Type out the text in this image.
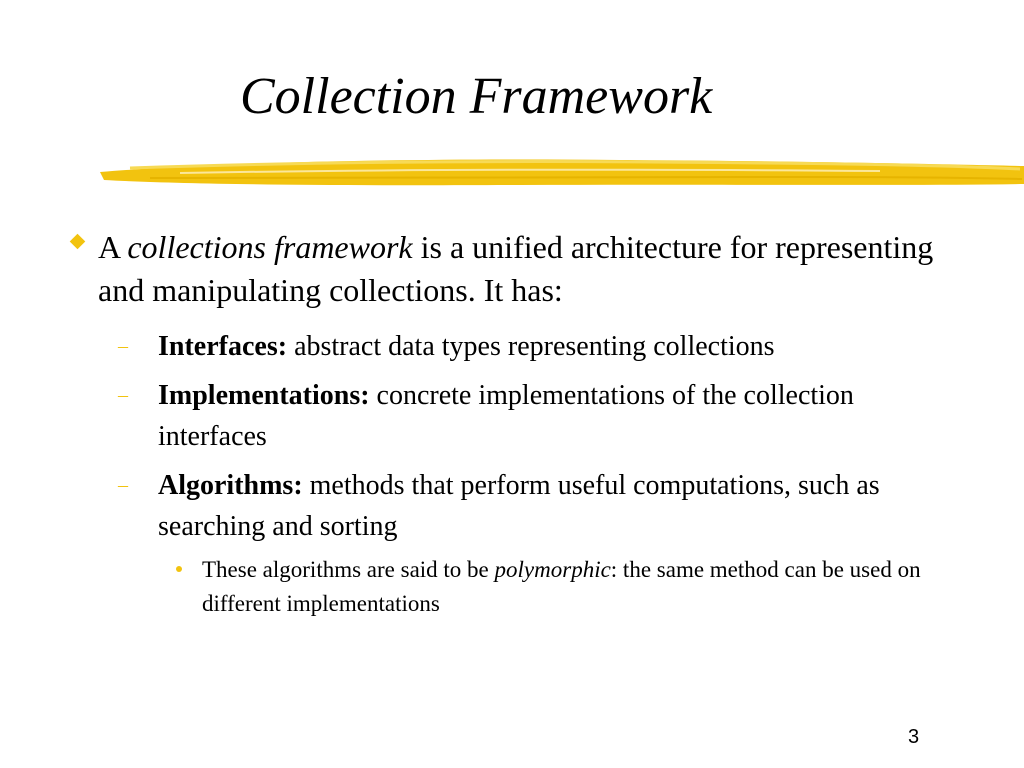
Collection Framework
A collections framework is a unified architecture for representing and manipulating collections. It has:
– Interfaces: abstract data types representing collections
– Implementations: concrete implementations of the collection interfaces
– Algorithms: methods that perform useful computations, such as searching and sorting
These algorithms are said to be polymorphic: the same method can be used on different implementations
3
